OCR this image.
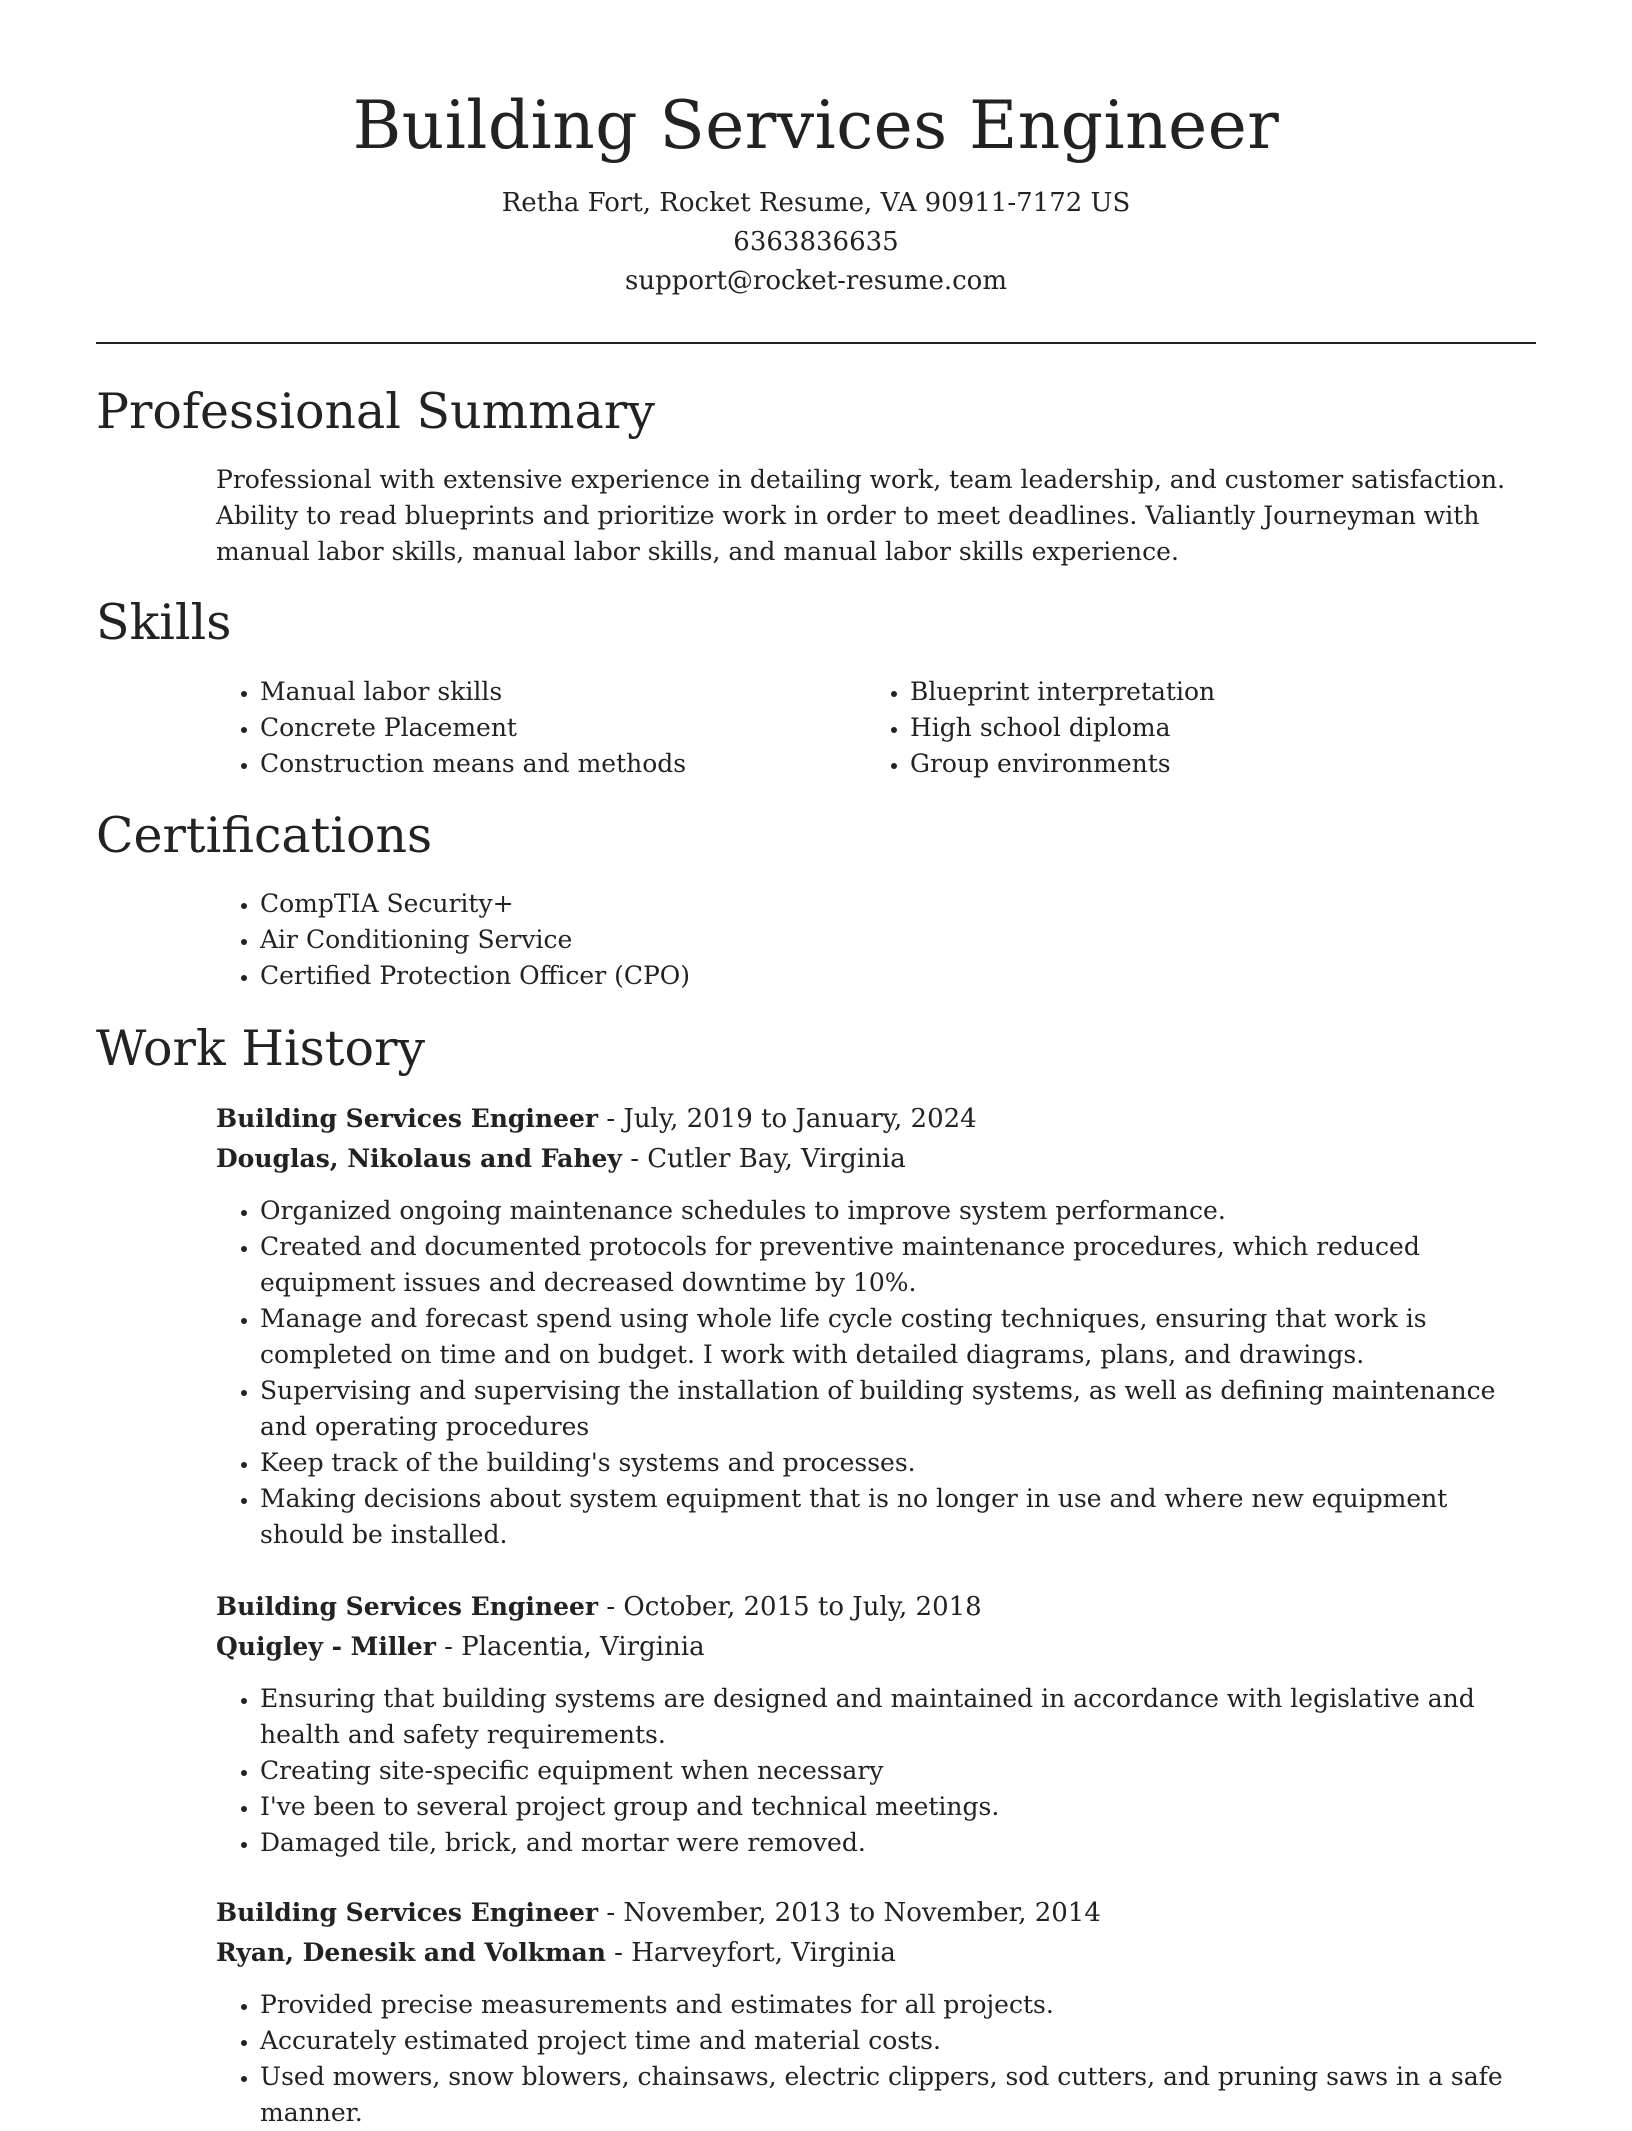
Building Services Engineer
Retha Fort, Rocket Resume, VA 90911-7172 US
6363836635
support@rocket-resume.com
Professional Summary

Professional with extensive experience in detailing work, team leadership, and customer satisfaction. Ability to read blueprints and prioritize work in order to meet deadlines. Valiantly Journeyman with manual labor skills, manual labor skills, and manual labor skills experience.

Skills
• Manual labor skills
• Concrete Placement
• Construction means and methods
• Blueprint interpretation
• High school diploma
• Group environments
Certifications
• CompTIA Security+
• Air Conditioning Service
• Certified Protection Officer (CPO)
Work History
Building Services Engineer - July, 2019 to January, 2024
Douglas, Nikolaus and Fahey - Cutler Bay, Virginia
• Organized ongoing maintenance schedules to improve system performance.
• Created and documented protocols for preventive maintenance procedures, which reduced equipment issues and decreased downtime by 10%.
• Manage and forecast spend using whole life cycle costing techniques, ensuring that work is completed on time and on budget. I work with detailed diagrams, plans, and drawings.
• Supervising and supervising the installation of building systems, as well as defining maintenance and operating procedures
• Keep track of the building's systems and processes.
• Making decisions about system equipment that is no longer in use and where new equipment should be installed.
Building Services Engineer - October, 2015 to July, 2018
Quigley - Miller - Placentia, Virginia
• Ensuring that building systems are designed and maintained in accordance with legislative and health and safety requirements.
• Creating site-specific equipment when necessary
• I've been to several project group and technical meetings.
• Damaged tile, brick, and mortar were removed.
Building Services Engineer - November, 2013 to November, 2014
Ryan, Denesik and Volkman - Harveyfort, Virginia
• Provided precise measurements and estimates for all projects.
• Accurately estimated project time and material costs.
• Used mowers, snow blowers, chainsaws, electric clippers, sod cutters, and pruning saws in a safe manner.
